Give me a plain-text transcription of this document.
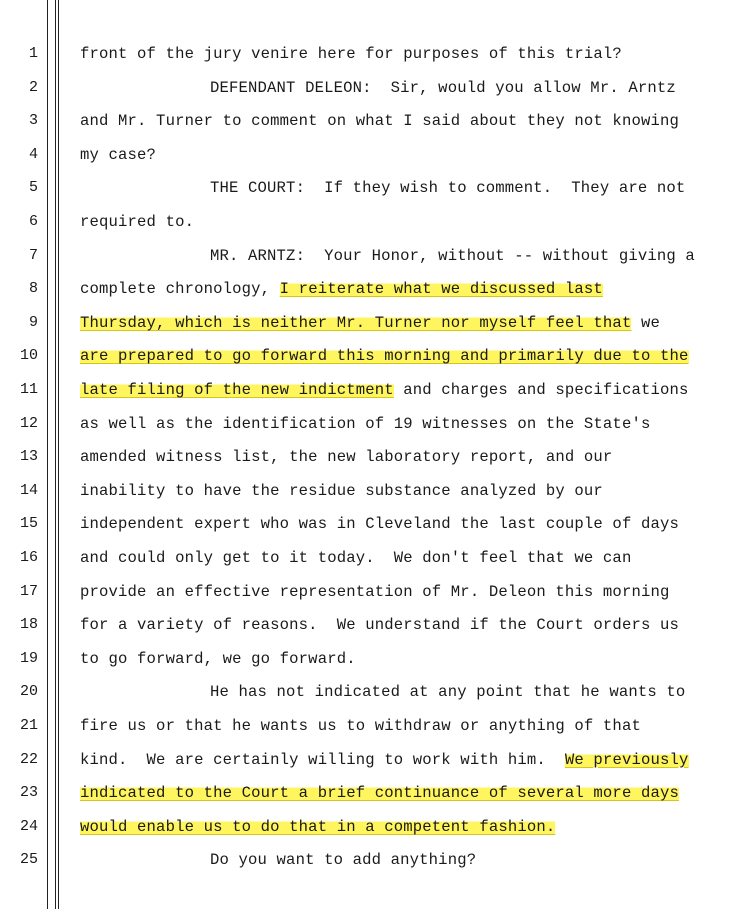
1	front of the jury venire here for purposes of this trial?
2	DEFENDANT DELEON:  Sir, would you allow Mr. Arntz
3	and Mr. Turner to comment on what I said about they not knowing
4	my case?
5	THE COURT:  If they wish to comment.  They are not
6	required to.
7	MR. ARNTZ:  Your Honor, without -- without giving a
8	complete chronology, I reiterate what we discussed last
9	Thursday, which is neither Mr. Turner nor myself feel that we
10	are prepared to go forward this morning and primarily due to the
11	late filing of the new indictment and charges and specifications
12	as well as the identification of 19 witnesses on the State's
13	amended witness list, the new laboratory report, and our
14	inability to have the residue substance analyzed by our
15	independent expert who was in Cleveland the last couple of days
16	and could only get to it today.  We don't feel that we can
17	provide an effective representation of Mr. Deleon this morning
18	for a variety of reasons.  We understand if the Court orders us
19	to go forward, we go forward.
20	He has not indicated at any point that he wants to
21	fire us or that he wants us to withdraw or anything of that
22	kind.  We are certainly willing to work with him.  We previously
23	indicated to the Court a brief continuance of several more days
24	would enable us to do that in a competent fashion.
25	Do you want to add anything?
